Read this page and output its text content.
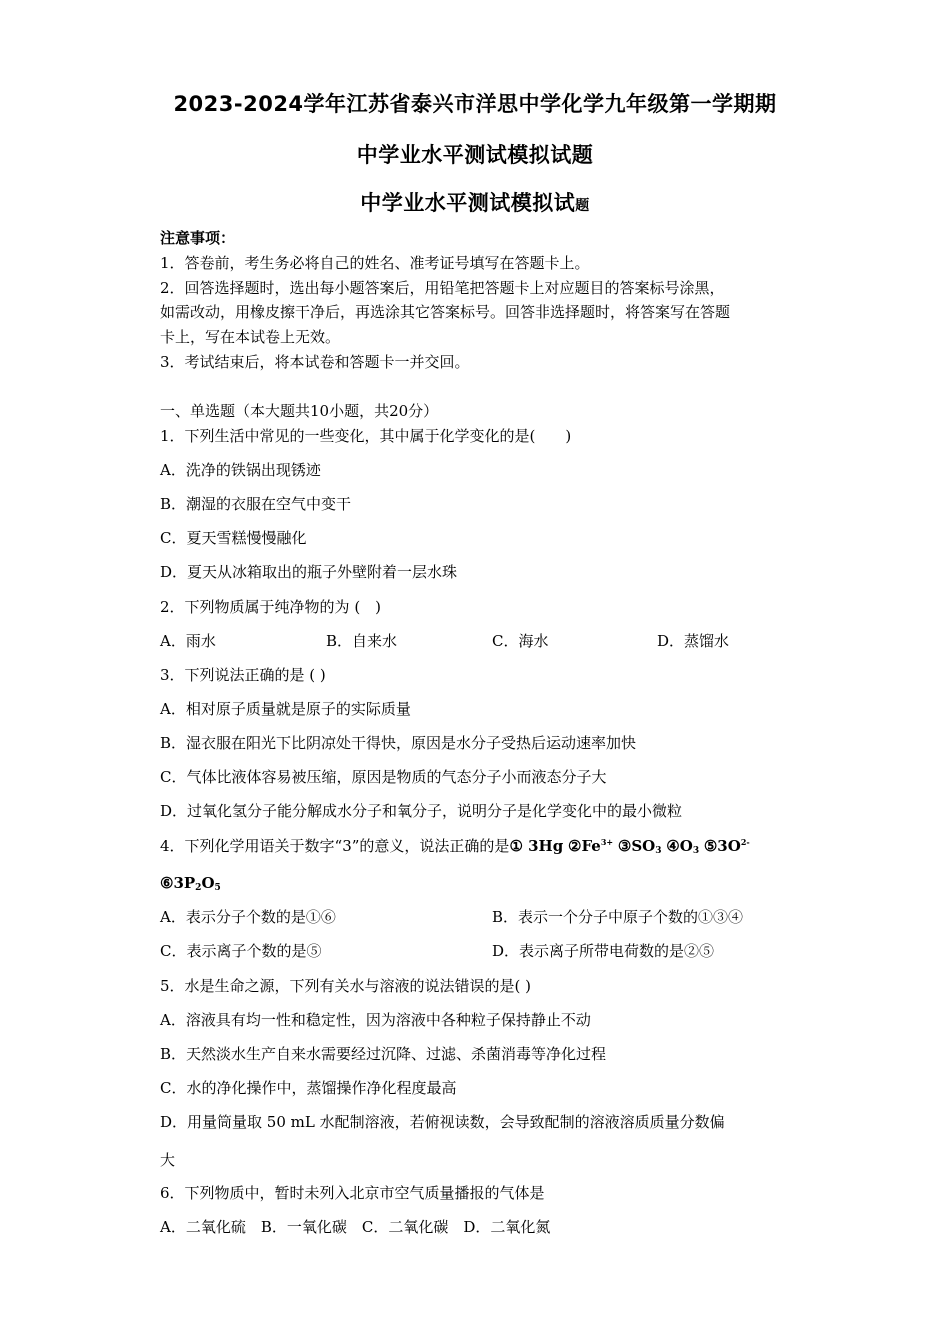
2023-2024学年江苏省泰兴市洋思中学化学九年级第一学期期
中学业水平测试模拟试题
中学业水平测试模拟试题
注意事项：
1．答卷前，考生务必将自己的姓名、准考证号填写在答题卡上。
2．回答选择题时，选出每小题答案后，用铅笔把答题卡上对应题目的答案标号涂黑，
如需改动，用橡皮擦干净后，再选涂其它答案标号。回答非选择题时，将答案写在答题
卡上，写在本试卷上无效。
3．考试结束后，将本试卷和答题卡一并交回。
一、单选题（本大题共10小题，共20分）
1．下列生活中常见的一些变化，其中属于化学变化的是(　　)
A．洗净的铁锅出现锈迹
B．潮湿的衣服在空气中变干
C．夏天雪糕慢慢融化
D．夏天从冰箱取出的瓶子外壁附着一层水珠
2．下列物质属于纯净物的为 (　)
A．雨水	B．自来水	C．海水	D．蒸馏水
3．下列说法正确的是 ( )
A．相对原子质量就是原子的实际质量
B．湿衣服在阳光下比阴凉处干得快，原因是水分子受热后运动速率加快
C．气体比液体容易被压缩，原因是物质的气态分子小而液态分子大
D．过氧化氢分子能分解成水分子和氧分子，说明分子是化学变化中的最小微粒
4．下列化学用语关于数字“3”的意义，说法正确的是① 3Hg $②Fe^{3+}$ $③SO_3$ $④O_3$ $⑤3O^{2-}$
$⑥3P_2O_5$
A．表示分子个数的是①⑥	B．表示一个分子中原子个数的①③④
C．表示离子个数的是⑤	D．表示离子所带电荷数的是②⑤
5．水是生命之源，下列有关水与溶液的说法错误的是( )
A．溶液具有均一性和稳定性，因为溶液中各种粒子保持静止不动
B．天然淡水生产自来水需要经过沉降、过滤、杀菌消毒等净化过程
C．水的净化操作中，蒸馏操作净化程度最高
D．用量筒量取 50 mL 水配制溶液，若俯视读数，会导致配制的溶液溶质质量分数偏
大
6．下列物质中，暂时未列入北京市空气质量播报的气体是
A．二氧化硫　B．一氧化碳　C．二氧化碳　D．二氧化氮
